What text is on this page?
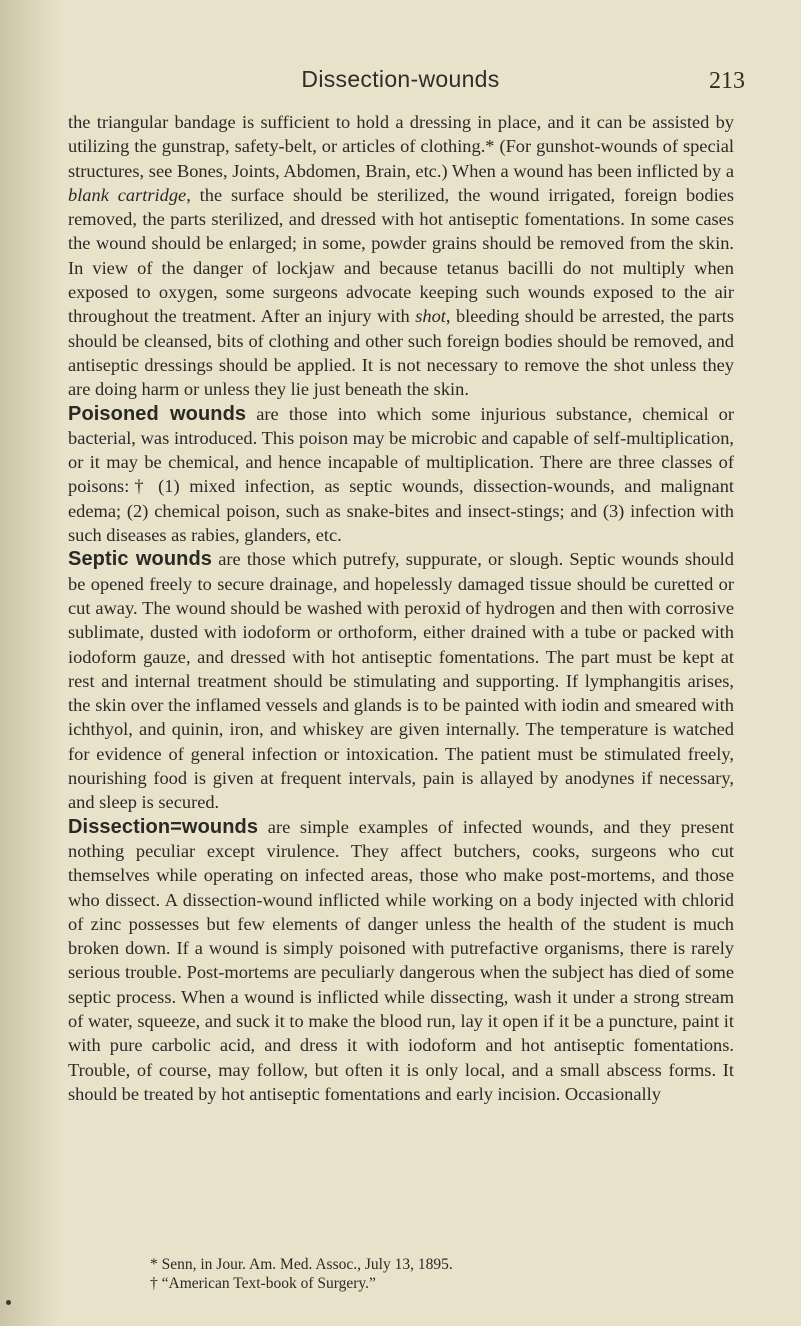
Dissection-wounds	213

the triangular bandage is sufficient to hold a dressing in place, and it can be assisted by utilizing the gunstrap, safety-belt, or articles of clothing.* (For gunshot-wounds of special structures, see Bones, Joints, Abdomen, Brain, etc.) When a wound has been inflicted by a blank cartridge, the surface should be sterilized, the wound irrigated, foreign bodies removed, the parts sterilized, and dressed with hot antiseptic fomentations. In some cases the wound should be enlarged; in some, powder grains should be removed from the skin. In view of the danger of lockjaw and because tetanus bacilli do not multiply when exposed to oxygen, some surgeons advocate keeping such wounds exposed to the air throughout the treatment. After an injury with shot, bleeding should be arrested, the parts should be cleansed, bits of clothing and other such foreign bodies should be removed, and antiseptic dressings should be applied. It is not necessary to remove the shot unless they are doing harm or unless they lie just beneath the skin.

Poisoned wounds are those into which some injurious substance, chemical or bacterial, was introduced. This poison may be microbic and capable of self-multiplication, or it may be chemical, and hence incapable of multiplication. There are three classes of poisons:† (1) mixed infection, as septic wounds, dissection-wounds, and malignant edema; (2) chemical poison, such as snake-bites and insect-stings; and (3) infection with such diseases as rabies, glanders, etc.

Septic wounds are those which putrefy, suppurate, or slough. Septic wounds should be opened freely to secure drainage, and hopelessly damaged tissue should be curetted or cut away. The wound should be washed with peroxid of hydrogen and then with corrosive sublimate, dusted with iodoform or orthoform, either drained with a tube or packed with iodoform gauze, and dressed with hot antiseptic fomentations. The part must be kept at rest and internal treatment should be stimulating and supporting. If lymphangitis arises, the skin over the inflamed vessels and glands is to be painted with iodin and smeared with ichthyol, and quinin, iron, and whiskey are given internally. The temperature is watched for evidence of general infection or intoxication. The patient must be stimulated freely, nourishing food is given at frequent intervals, pain is allayed by anodynes if necessary, and sleep is secured.

Dissection=wounds are simple examples of infected wounds, and they present nothing peculiar except virulence. They affect butchers, cooks, surgeons who cut themselves while operating on infected areas, those who make post-mortems, and those who dissect. A dissection-wound inflicted while working on a body injected with chlorid of zinc possesses but few elements of danger unless the health of the student is much broken down. If a wound is simply poisoned with putrefactive organisms, there is rarely serious trouble. Post-mortems are peculiarly dangerous when the subject has died of some septic process. When a wound is inflicted while dissecting, wash it under a strong stream of water, squeeze, and suck it to make the blood run, lay it open if it be a puncture, paint it with pure carbolic acid, and dress it with iodoform and hot antiseptic fomentations. Trouble, of course, may follow, but often it is only local, and a small abscess forms. It should be treated by hot antiseptic fomentations and early incision. Occasionally

* Senn, in Jour. Am. Med. Assoc., July 13, 1895.
† “American Text-book of Surgery.”
